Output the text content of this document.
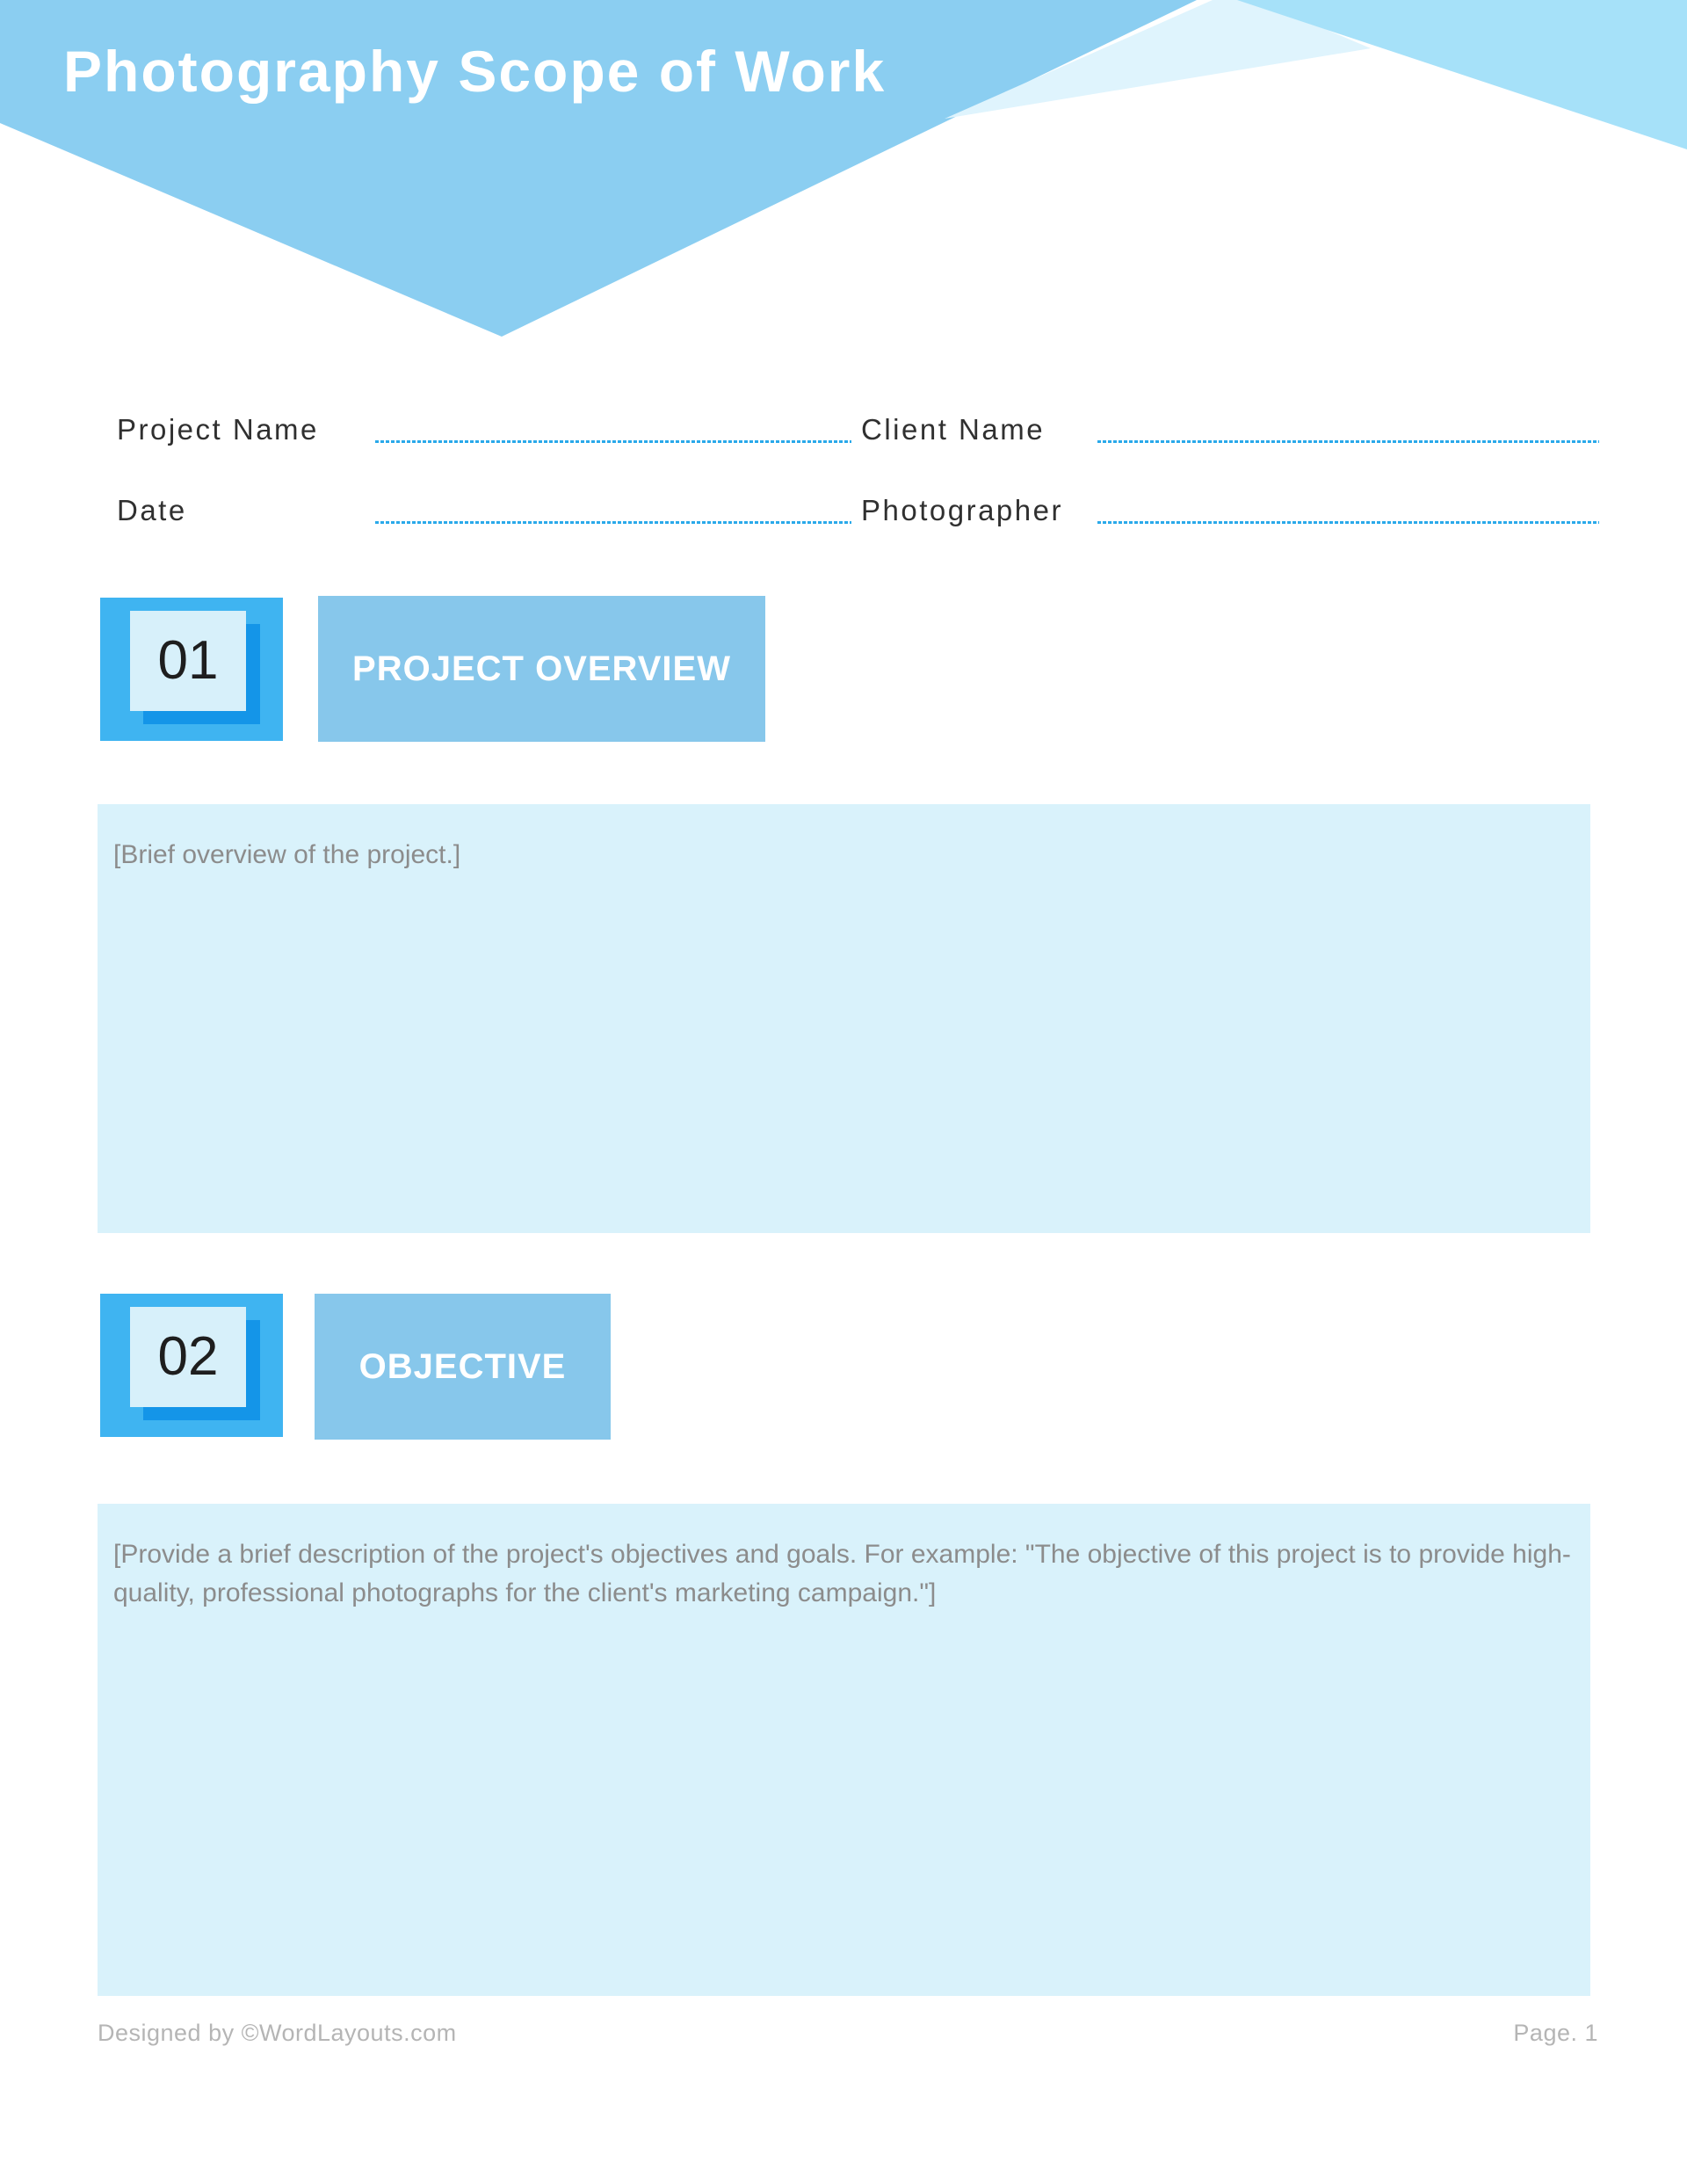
Photography Scope of Work
Project Name	Client Name
Date	Photographer
01	PROJECT OVERVIEW

[Brief overview of the project.]

02	OBJECTIVE

[Provide a brief description of the project's objectives and goals. For example: "The objective of this project is to provide high-quality, professional photographs for the client's marketing campaign."]

Designed by ©WordLayouts.com	Page. 1
